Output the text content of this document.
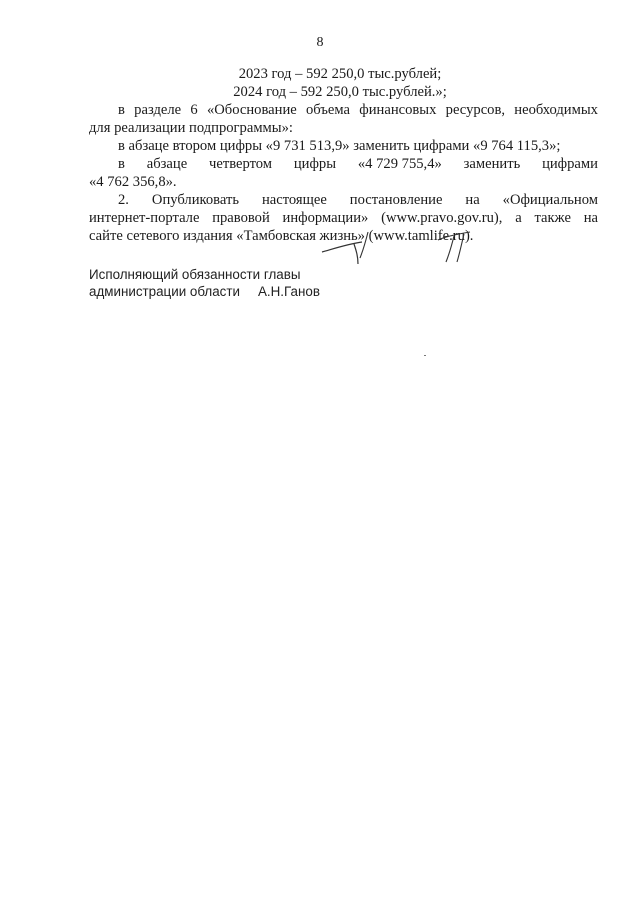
8
2023 год – 592 250,0 тыс.рублей;
2024 год – 592 250,0 тыс.рублей.»;
в разделе 6 «Обоснование объема финансовых ресурсов, необходимых
для реализации подпрограммы»:
в абзаце втором цифры «9 731 513,9» заменить цифрами «9 764 115,3»;
в абзаце четвертом цифры «4 729 755,4» заменить цифрами
«4 762 356,8».
2. Опубликовать настоящее постановление на «Официальном
интернет-портале правовой информации» (www.pravo.gov.ru), а также на
сайте сетевого издания «Тамбовская жизнь» (www.tamlife.ru).
Исполняющий обязанности главы
администрации области А.Н.Ганов
